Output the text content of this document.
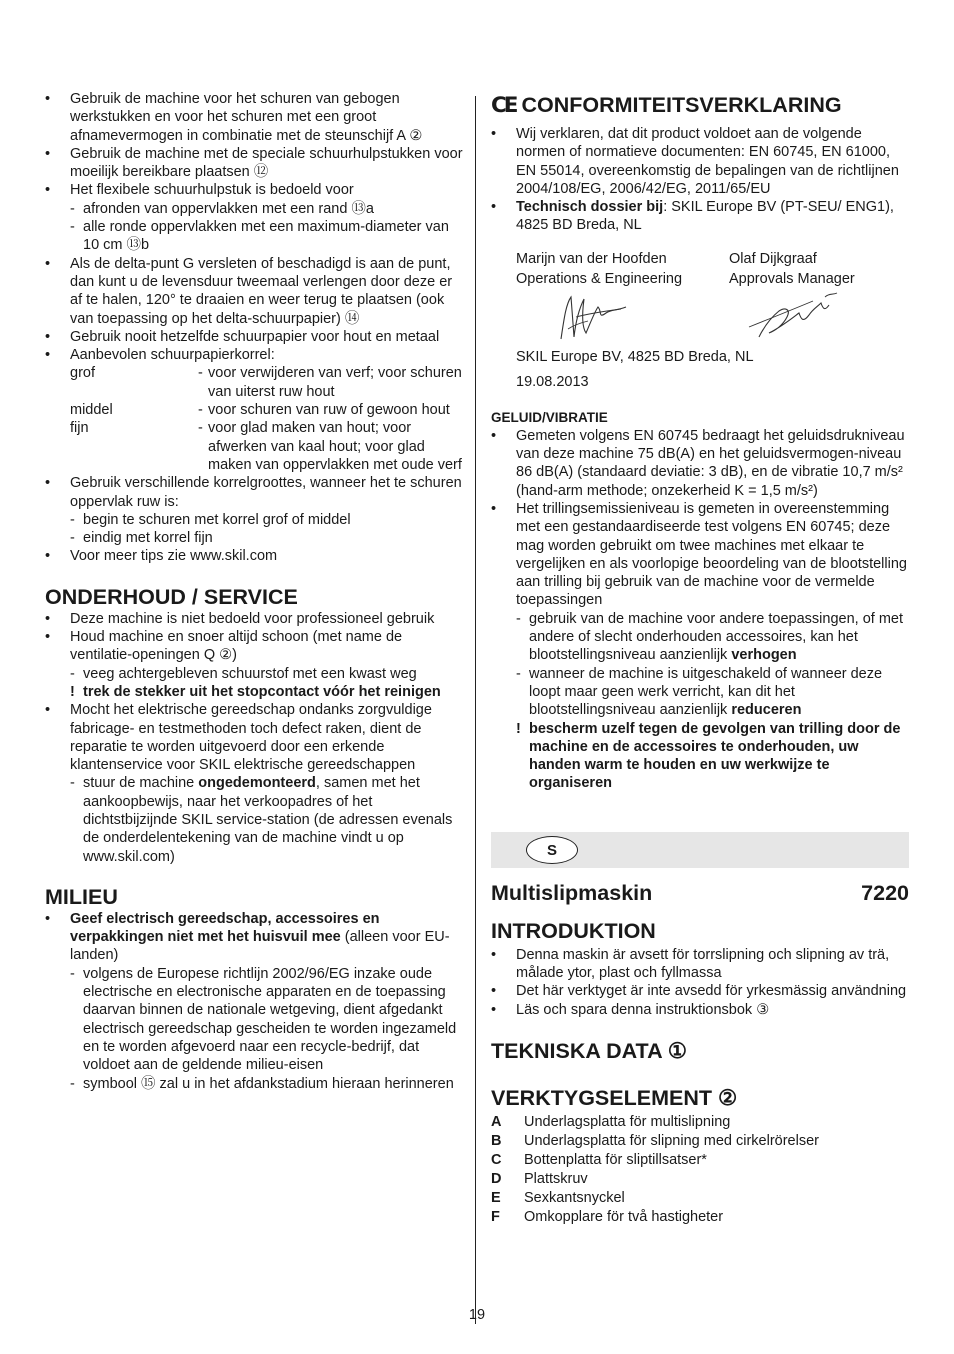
• Gebruik de machine voor het schuren van gebogen werkstukken en voor het schuren met een groot afnamevermogen in combinatie met de steunschijf A ②
• Gebruik de machine met de speciale schuurhulpstukken voor moeilijk bereikbare plaatsen ⑫
• Het flexibele schuurhulpstuk is bedoeld voor
- afronden van oppervlakken met een rand ⑬a
- alle ronde oppervlakken met een maximum-diameter van 10 cm ⑬b
• Als de delta-punt G versleten of beschadigd is aan de punt, dan kunt u de levensduur tweemaal verlengen door deze er af te halen, 120° te draaien en weer terug te plaatsen (ook van toepassing op het delta-schuurpapier) ⑭
• Gebruik nooit hetzelfde schuurpapier voor hout en metaal
• Aanbevolen schuurpapierkorrel:
grof	- voor verwijderen van verf; voor schuren van uiterst ruw hout
middel	- voor schuren van ruw of gewoon hout
fijn	- voor glad maken van hout; voor afwerken van kaal hout; voor glad maken van oppervlakken met oude verf
• Gebruik verschillende korrelgroottes, wanneer het te schuren oppervlak ruw is:
- begin te schuren met korrel grof of middel
- eindig met korrel fijn
• Voor meer tips zie www.skil.com
ONDERHOUD / SERVICE
• Deze machine is niet bedoeld voor professioneel gebruik
• Houd machine en snoer altijd schoon (met name de ventilatie-openingen Q ②)
- veeg achtergebleven schuurstof met een kwast weg
! trek de stekker uit het stopcontact vóór het reinigen
• Mocht het elektrische gereedschap ondanks zorgvuldige fabricage- en testmethoden toch defect raken, dient de reparatie te worden uitgevoerd door een erkende klantenservice voor SKIL elektrische gereedschappen
- stuur de machine ongedemonteerd, samen met het aankoopbewijs, naar het verkoopadres of het dichtstbijzijnde SKIL service-station (de adressen evenals de onderdelentekening van de machine vindt u op www.skil.com)
MILIEU
• Geef electrisch gereedschap, accessoires en verpakkingen niet met het huisvuil mee (alleen voor EU-landen)
- volgens de Europese richtlijn 2002/96/EG inzake oude electrische en electronische apparaten en de toepassing daarvan binnen de nationale wetgeving, dient afgedankt electrisch gereedschap gescheiden te worden ingezameld en te worden afgevoerd naar een recycle-bedrijf, dat voldoet aan de geldende milieu-eisen
- symbool ⑮ zal u in het afdankstadium hieraan herinneren
CE CONFORMITEITSVERKLARING
• Wij verklaren, dat dit product voldoet aan de volgende normen of normatieve documenten: EN 60745, EN 61000, EN 55014, overeenkomstig de bepalingen van de richtlijnen 2004/108/EG, 2006/42/EG, 2011/65/EU
• Technisch dossier bij: SKIL Europe BV (PT-SEU/ ENG1), 4825 BD Breda, NL
Marijn van der Hoofden
Operations & Engineering
Olaf Dijkgraaf
Approvals Manager
SKIL Europe BV, 4825 BD Breda, NL
19.08.2013
GELUID/VIBRATIE
• Gemeten volgens EN 60745 bedraagt het geluidsdrukniveau van deze machine 75 dB(A) en het geluidsvermogen-niveau 86 dB(A) (standaard deviatie: 3 dB), en de vibratie 10,7 m/s² (hand-arm methode; onzekerheid K = 1,5 m/s²)
• Het trillingsemissieniveau is gemeten in overeenstemming met een gestandaardiseerde test volgens EN 60745; deze mag worden gebruikt om twee machines met elkaar te vergelijken en als voorlopige beoordeling van de blootstelling aan trilling bij gebruik van de machine voor de vermelde toepassingen
- gebruik van de machine voor andere toepassingen, of met andere of slecht onderhouden accessoires, kan het blootstellingsniveau aanzienlijk verhogen
- wanneer de machine is uitgeschakeld of wanneer deze loopt maar geen werk verricht, kan dit het blootstellingsniveau aanzienlijk reduceren
! bescherm uzelf tegen de gevolgen van trilling door de machine en de accessoires te onderhouden, uw handen warm te houden en uw werkwijze te organiseren
S
Multislipmaskin	7220
INTRODUKTION
• Denna maskin är avsett för torrslipning och slipning av trä, målade ytor, plast och fyllmassa
• Det här verktyget är inte avsedd för yrkesmässig användning
• Läs och spara denna instruktionsbok ③
TEKNISKA DATA ①
VERKTYGSELEMENT ②
A	Underlagsplatta för multislipning
B	Underlagsplatta för slipning med cirkelrörelser
C	Bottenplatta för sliptillsatser*
D	Plattskruv
E	Sexkantsnyckel
F	Omkopplare för två hastigheter
19
